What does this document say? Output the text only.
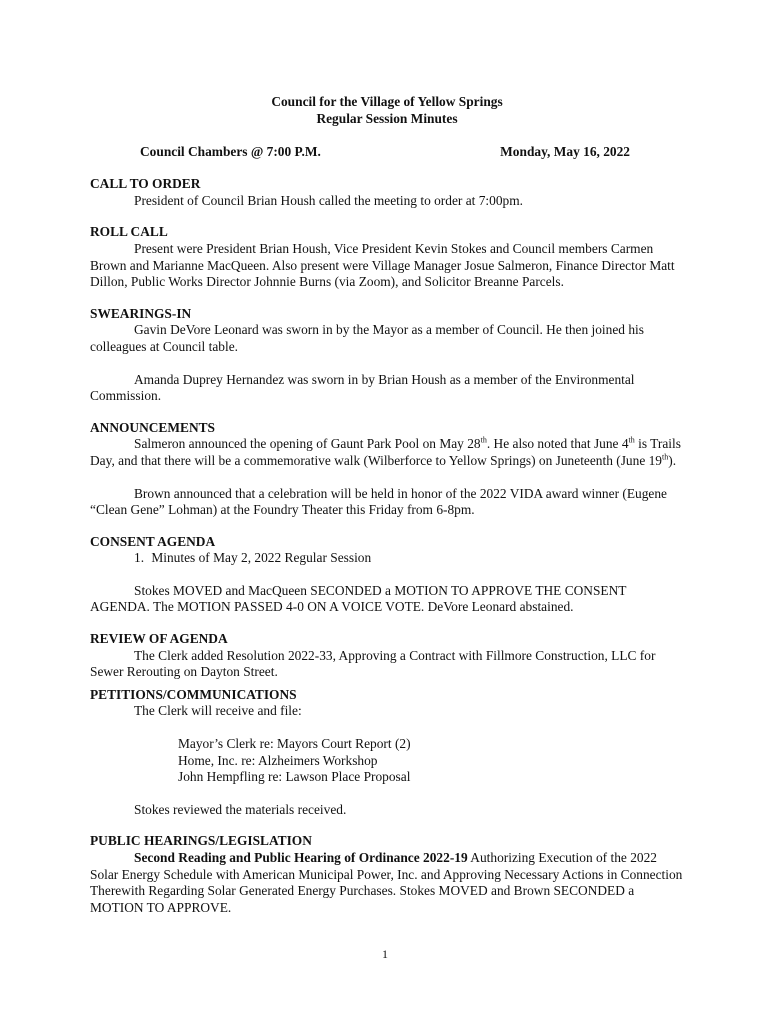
Council for the Village of Yellow Springs

Regular Session Minutes

Council Chambers @ 7:00 P.M.	Monday, May 16, 2022

CALL TO ORDER

President of Council Brian Housh called the meeting to order at 7:00pm.

ROLL CALL

Present were President Brian Housh, Vice President Kevin Stokes and Council members Carmen Brown and Marianne MacQueen. Also present were Village Manager Josue Salmeron, Finance Director Matt Dillon, Public Works Director Johnnie Burns (via Zoom), and Solicitor Breanne Parcels.

SWEARINGS-IN

Gavin DeVore Leonard was sworn in by the Mayor as a member of Council. He then joined his colleagues at Council table.

Amanda Duprey Hernandez was sworn in by Brian Housh as a member of the Environmental Commission.

ANNOUNCEMENTS

Salmeron announced the opening of Gaunt Park Pool on May 28th. He also noted that June 4th is Trails Day, and that there will be a commemorative walk (Wilberforce to Yellow Springs) on Juneteenth (June 19th).

Brown announced that a celebration will be held in honor of the 2022 VIDA award winner (Eugene “Clean Gene” Lohman) at the Foundry Theater this Friday from 6-8pm.

CONSENT AGENDA

1. Minutes of May 2, 2022 Regular Session

Stokes MOVED and MacQueen SECONDED a MOTION TO APPROVE THE CONSENT AGENDA. The MOTION PASSED 4-0 ON A VOICE VOTE. DeVore Leonard abstained.

REVIEW OF AGENDA

The Clerk added Resolution 2022-33, Approving a Contract with Fillmore Construction, LLC for Sewer Rerouting on Dayton Street.

PETITIONS/COMMUNICATIONS

The Clerk will receive and file:

Mayor’s Clerk re: Mayors Court Report (2)

Home, Inc. re: Alzheimers Workshop

John Hempfling re: Lawson Place Proposal

Stokes reviewed the materials received.

PUBLIC HEARINGS/LEGISLATION

Second Reading and Public Hearing of Ordinance 2022-19 Authorizing Execution of the 2022 Solar Energy Schedule with American Municipal Power, Inc. and Approving Necessary Actions in Connection Therewith Regarding Solar Generated Energy Purchases. Stokes MOVED and Brown SECONDED a MOTION TO APPROVE.

1
